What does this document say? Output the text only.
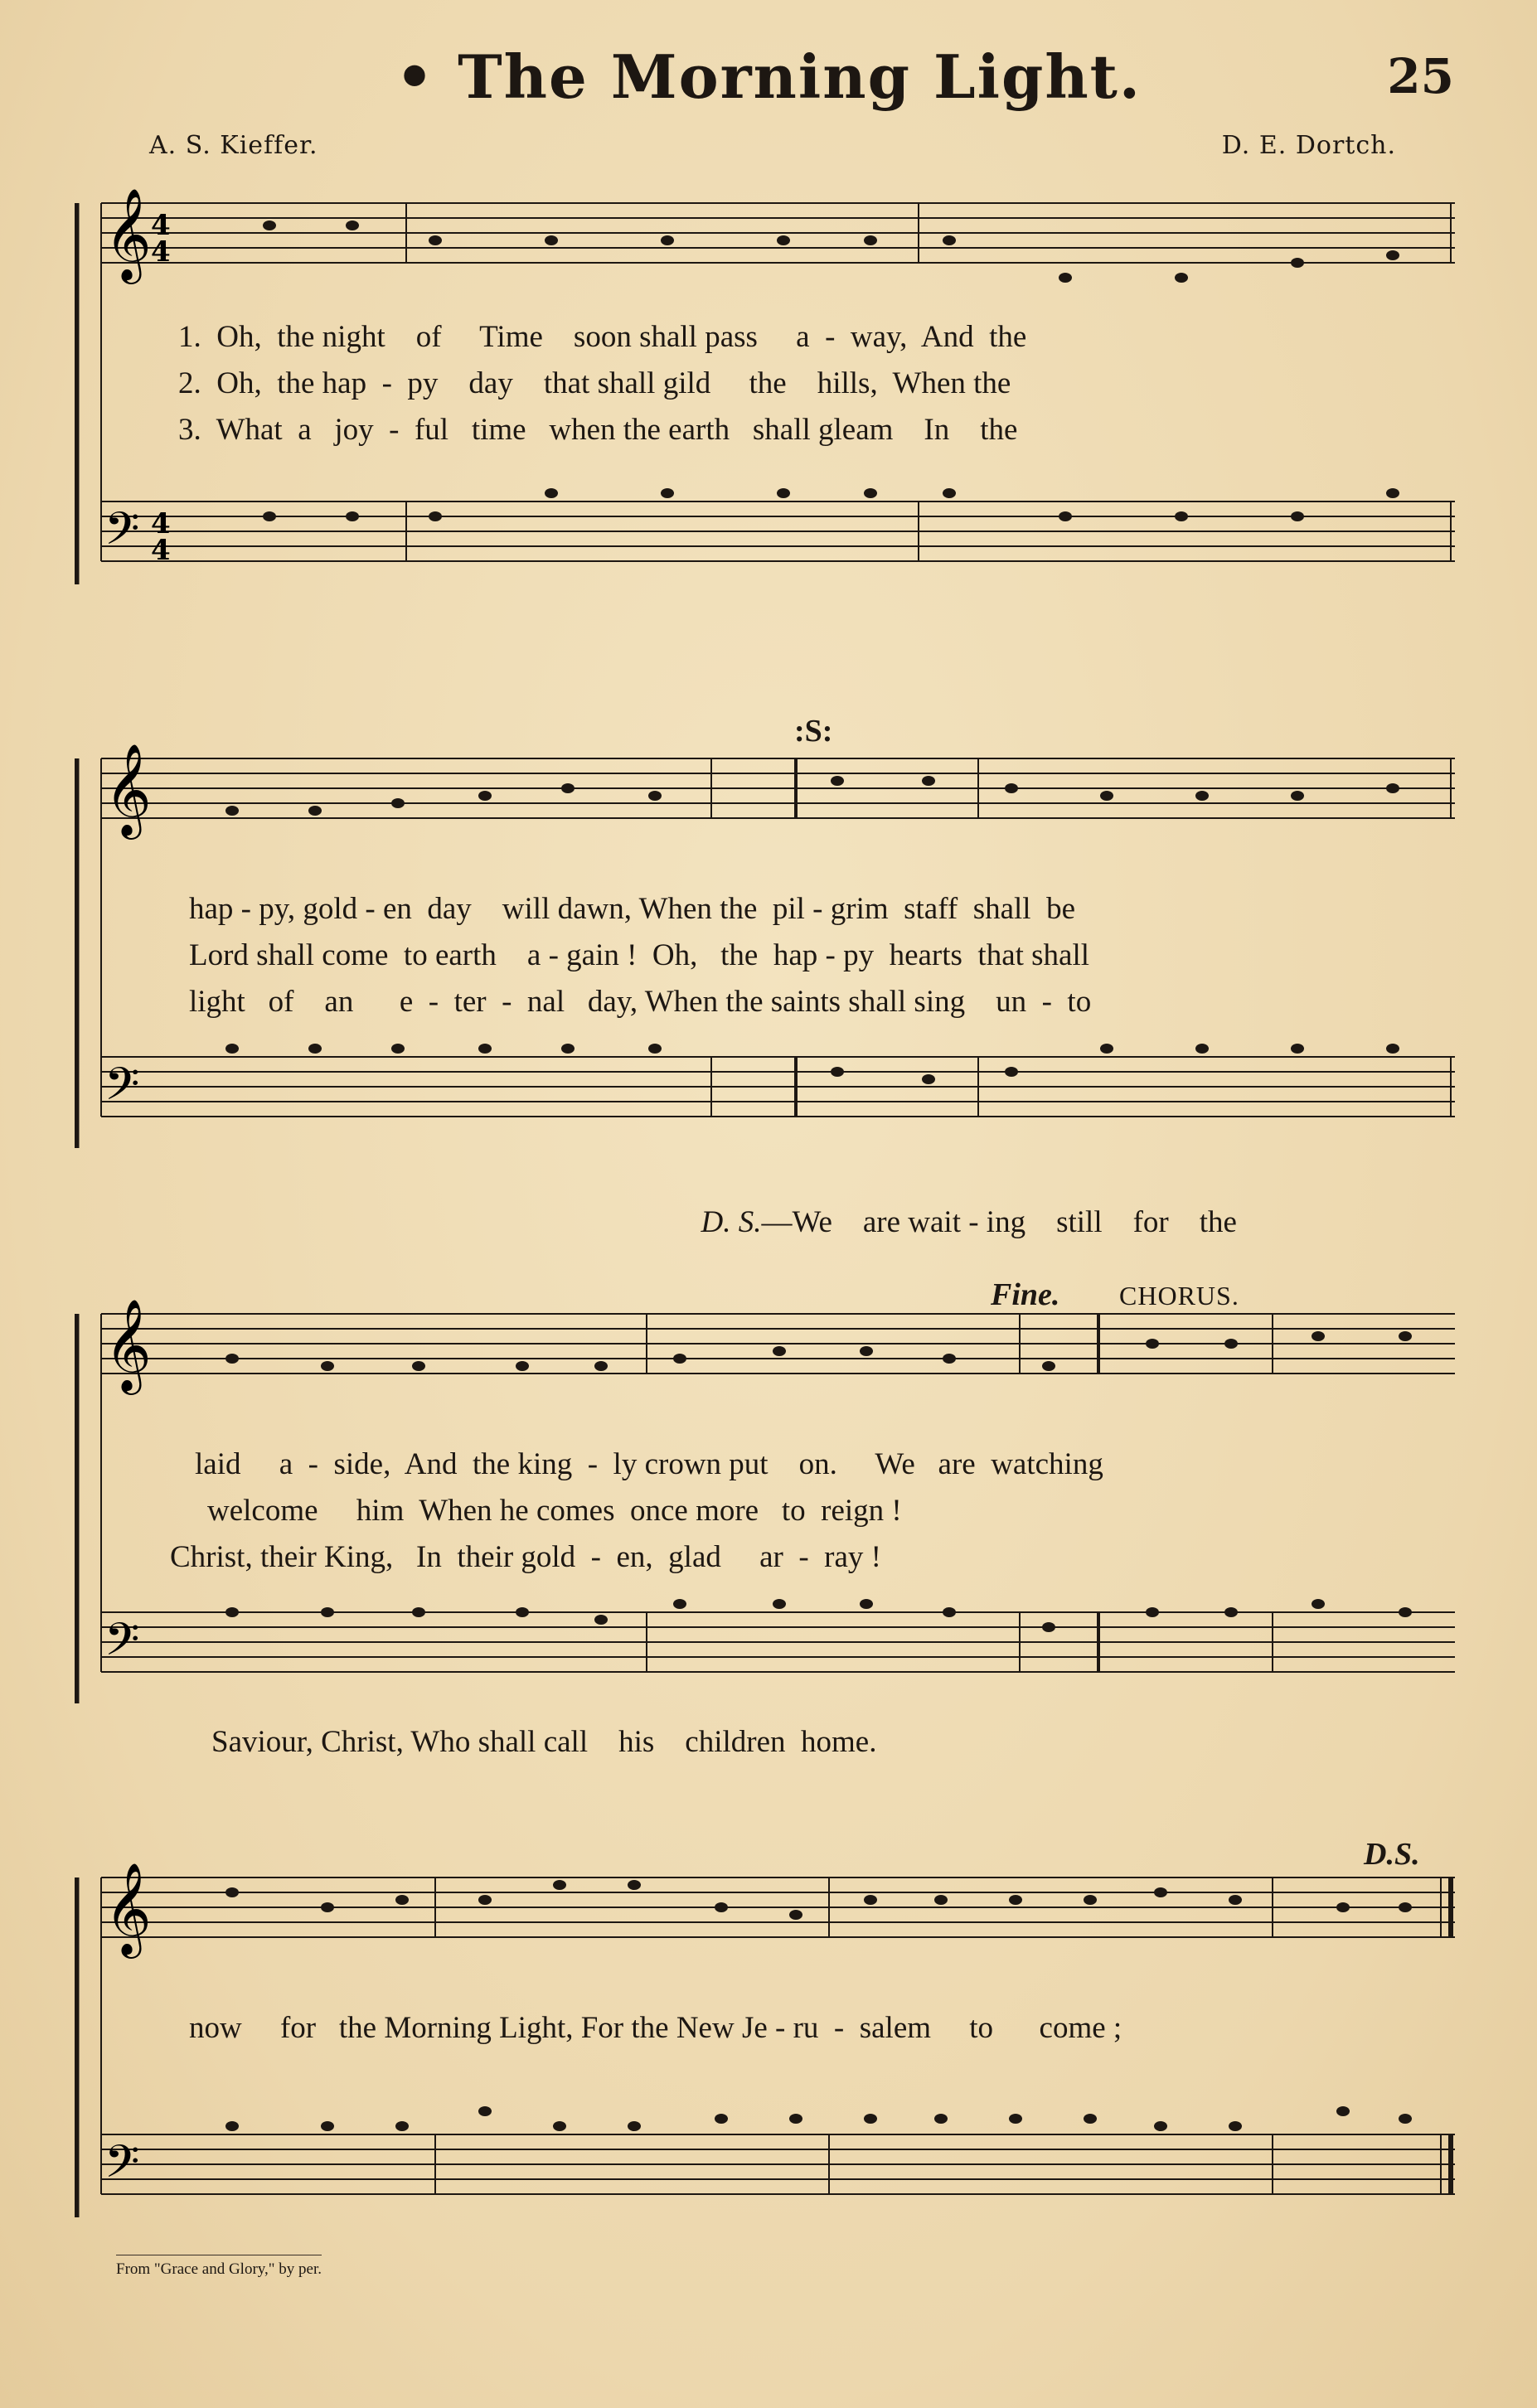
• The Morning Light.	25
A. S. Kieffer.	D. E. Dortch.
𝄞
𝄢
4
4
4
4
1.  Oh,  the night    of     Time    soon shall pass     a  -  way,  And  the
2.  Oh,  the hap  -  py    day    that shall gild     the    hills,  When the
3.  What  a   joy  -  ful   time   when the earth   shall gleam    In    the
:S:
𝄞
𝄢
hap - py, gold - en  day    will dawn, When the  pil - grim  staff  shall  be
Lord shall come  to earth    a - gain !  Oh,   the  hap - py  hearts  that shall
light   of    an      e  -  ter  -  nal   day, When the saints shall sing    un  -  to

D. S.—We    are wait - ing    still    for    the

Fine. CHORUS.
𝄞
𝄢
laid     a  -  side,  And  the king  -  ly crown put    on.     We   are  watching
welcome     him  When he comes  once more   to  reign !
Christ, their King,   In  their gold  -  en,  glad     ar  -  ray !
Saviour, Christ, Who shall call    his    children  home.
D.S.
𝄞
𝄢
now     for   the Morning Light, For the New Je - ru  -  salem     to      come ;
From "Grace and Glory," by per.
